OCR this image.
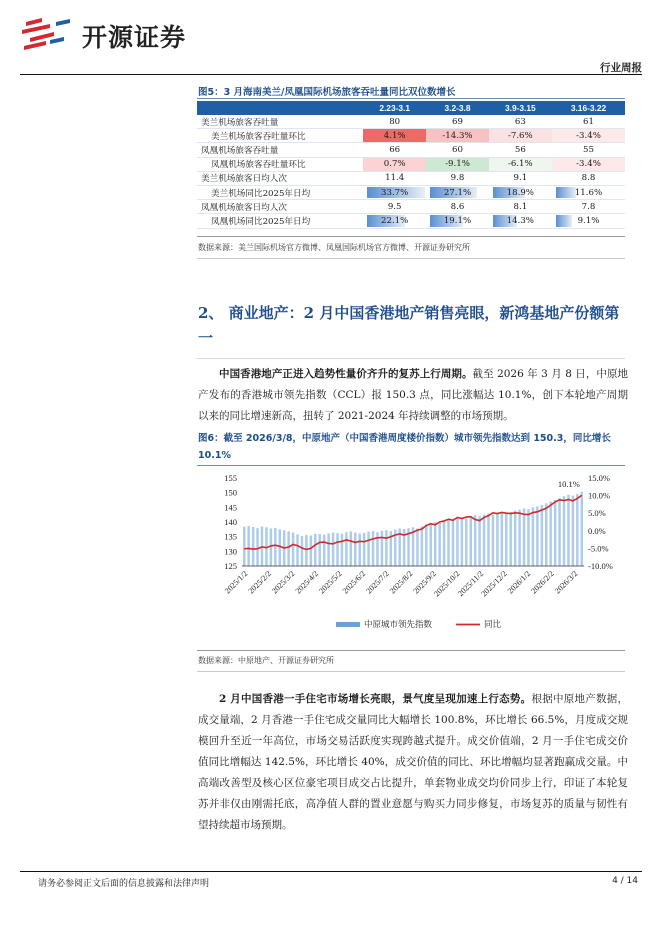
开源证券
行业周报
图5：3 月海南美兰/凤凰国际机场旅客吞吐量同比双位数增长
	2.23-3.1	3.2-3.8	3.9-3.15	3.16-3.22
美兰机场旅客吞吐量	80	69	63	61
美兰机场旅客吞吐量环比	4.1%	-14.3%	-7.6%	-3.4%
凤凰机场旅客吞吐量	66	60	56	55
凤凰机场旅客吞吐量环比	0.7%	-9.1%	-6.1%	-3.4%
美兰机场旅客日均人次	11.4	9.8	9.1	8.8
美兰机场同比2025年日均	33.7%	27.1%	18.9%	11.6%
凤凰机场旅客日均人次	9.5	8.6	8.1	7.8
凤凰机场同比2025年日均	22.1%	19.1%	14.3%	9.1%
数据来源：美兰国际机场官方微博、凤凰国际机场官方微博、开源证券研究所
2、 商业地产：2 月中国香港地产销售亮眼，新鸿基地产份额第一
中国香港地产正进入趋势性量价齐升的复苏上行周期。截至 2026 年 3 月 8 日，中原地产发布的香港城市领先指数（CCL）报 150.3 点，同比涨幅达 10.1%，创下本轮地产周期以来的同比增速新高，扭转了 2021-2024 年持续调整的市场预期。
图6：截至 2026/3/8，中原地产（中国香港周度楼价指数）城市领先指数达到 150.3，同比增长 10.1%
125
130
135
140
145
150
155
-10.0%
-5.0%
0.0%
5.0%
10.0%
15.0%
2025/1/2
2025/2/2
2025/3/2
2025/4/2
2025/5/2
2025/6/2
2025/7/2
2025/8/2
2025/9/2
2025/10/2
2025/11/2
2025/12/2
2026/1/2
2026/2/2
2026/3/2
10.1%
中原城市领先指数	同比
数据来源：中原地产、开源证券研究所
2 月中国香港一手住宅市场增长亮眼，景气度呈现加速上行态势。根据中原地产数据，成交量端，2 月香港一手住宅成交量同比大幅增长 100.8%，环比增长 66.5%，月度成交规模回升至近一年高位，市场交易活跃度实现跨越式提升。成交价值端，2 月一手住宅成交价值同比增幅达 142.5%，环比增长 40%，成交价值的同比、环比增幅均显著跑赢成交量。中高端改善型及核心区位豪宅项目成交占比提升，单套物业成交均价同步上行，印证了本轮复苏并非仅由刚需托底，高净值人群的置业意愿与购买力同步修复，市场复苏的质量与韧性有望持续超市场预期。
请务必参阅正文后面的信息披露和法律声明	4 / 14
